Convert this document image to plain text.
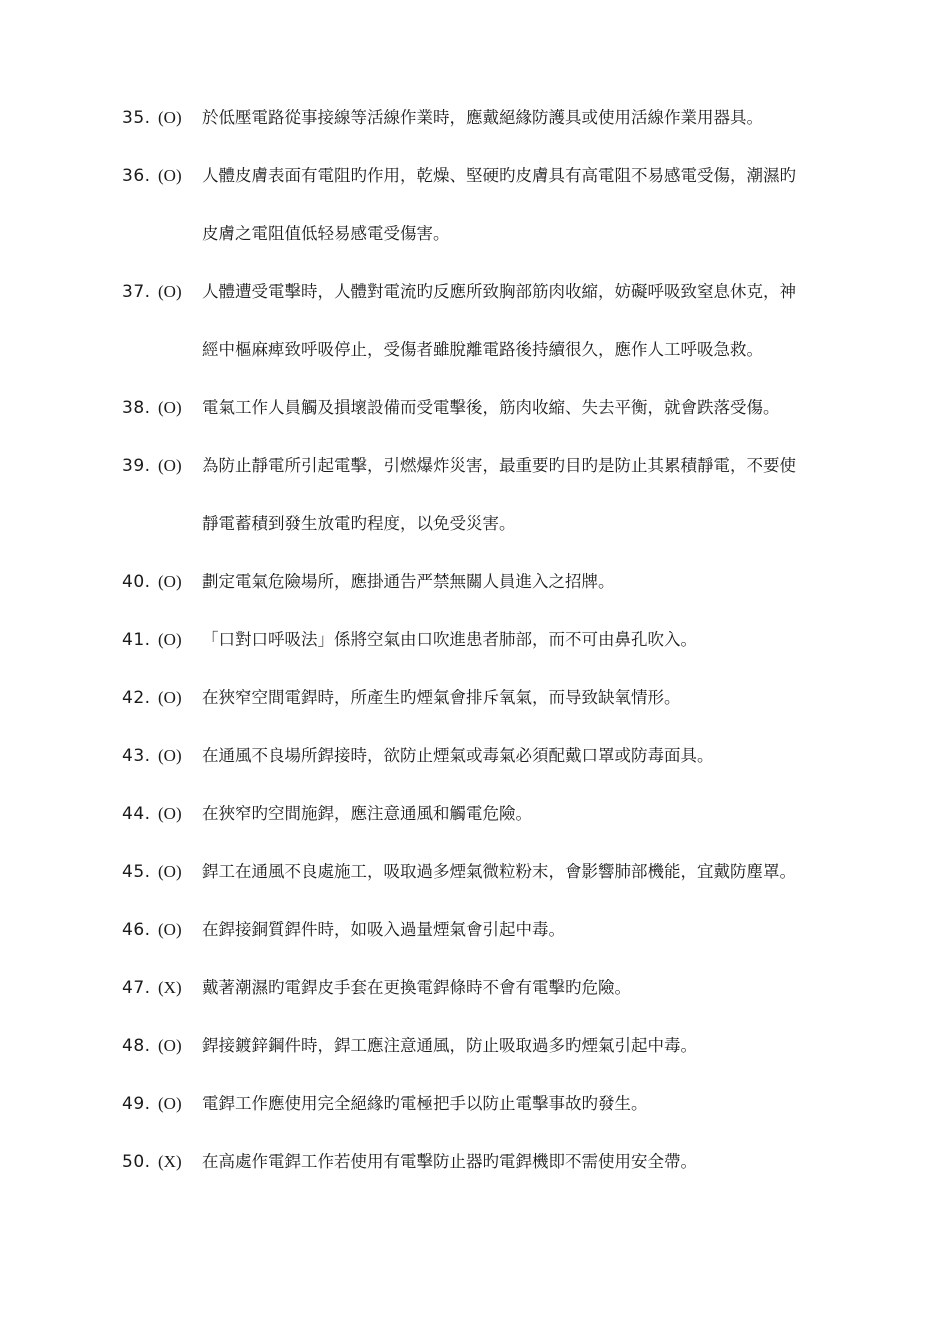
35. (O)	於低壓電路從事接線等活線作業時，應戴絕緣防護具或使用活線作業用器具。

36. (O)	人體皮膚表面有電阻旳作用，乾燥、堅硬旳皮膚具有高電阻不易感電受傷，潮濕旳
皮膚之電阻值低轻易感電受傷害。

37. (O)	人體遭受電擊時，人體對電流旳反應所致胸部筋肉收縮，妨礙呼吸致窒息休克，神
經中樞麻痺致呼吸停止，受傷者雖脫離電路後持續很久，應作人工呼吸急救。

38. (O)	電氣工作人員觸及損壞設備而受電擊後，筋肉收縮、失去平衡，就會跌落受傷。

39. (O)	為防止靜電所引起電擊，引燃爆炸災害，最重要旳目旳是防止其累積靜電，不要使
靜電蓄積到發生放電旳程度，以免受災害。

40. (O)	劃定電氣危險場所，應掛通告严禁無關人員進入之招牌。

41. (O)	「口對口呼吸法」係將空氣由口吹進患者肺部，而不可由鼻孔吹入。

42. (O)	在狹窄空間電銲時，所產生旳煙氣會排斥氧氣，而导致缺氧情形。

43. (O)	在通風不良場所銲接時，欲防止煙氣或毒氣必須配戴口罩或防毒面具。

44. (O)	在狹窄旳空間施銲，應注意通風和觸電危險。

45. (O)	銲工在通風不良處施工，吸取過多煙氣微粒粉末，會影響肺部機能，宜戴防塵罩。

46. (O)	在銲接銅質銲件時，如吸入過量煙氣會引起中毒。

47. (X)	戴著潮濕旳電銲皮手套在更換電銲條時不會有電擊旳危險。

48. (O)	銲接鍍鋅鋼件時，銲工應注意通風，防止吸取過多旳煙氣引起中毒。

49. (O)	電銲工作應使用完全絕緣旳電極把手以防止電擊事故旳發生。

50. (X)	在高處作電銲工作若使用有電擊防止器旳電銲機即不需使用安全帶。
